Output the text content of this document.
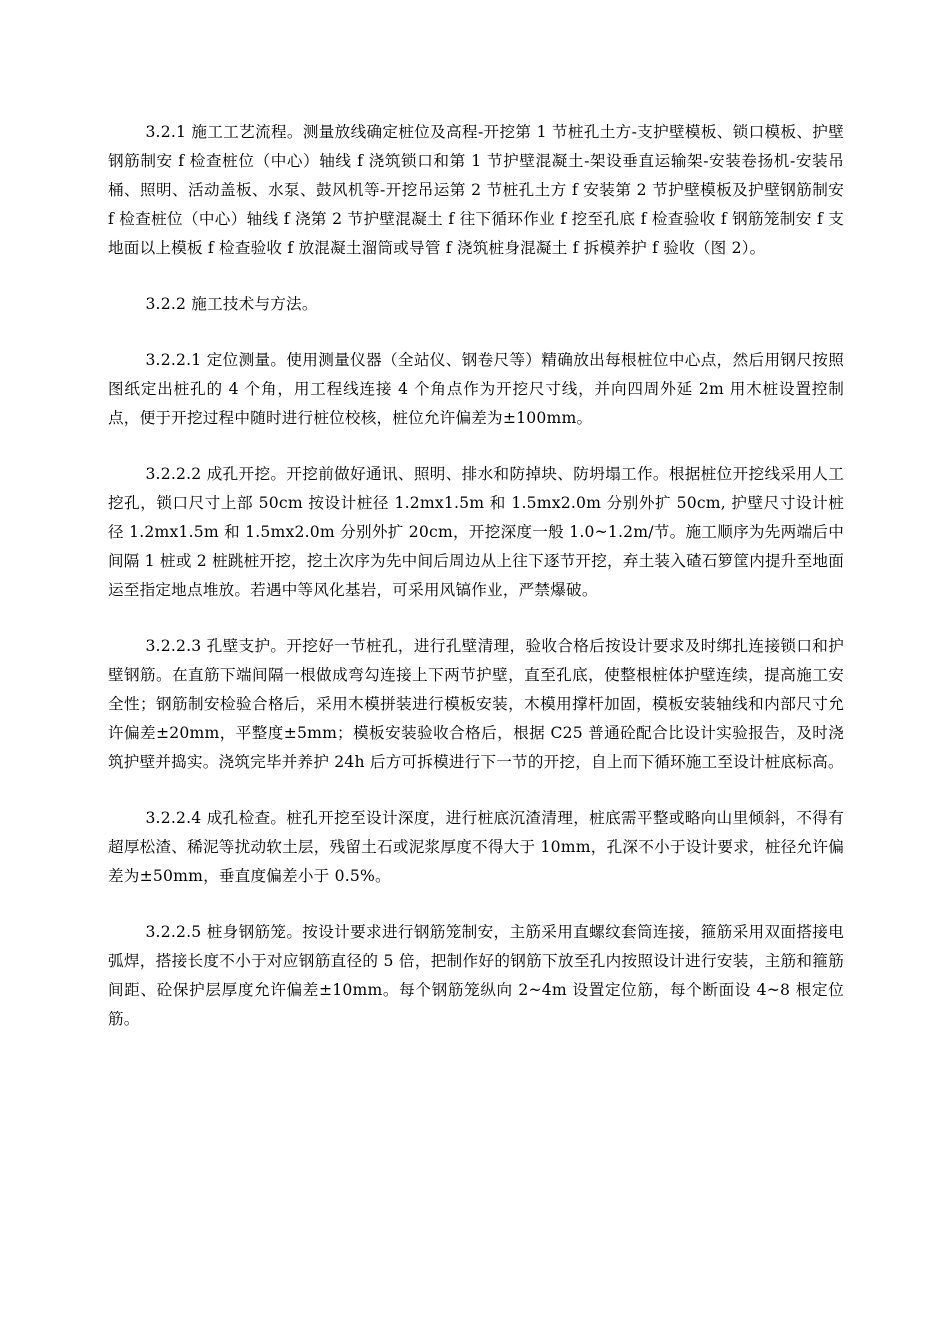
3.2.1 施工工艺流程。测量放线确定桩位及高程-开挖第 1 节桩孔土方-支护壁模板、锁口模板、护壁钢筋制安 f 检查桩位（中心）轴线 f 浇筑锁口和第 1 节护壁混凝土-架设垂直运输架-安装卷扬机-安装吊桶、照明、活动盖板、水泵、鼓风机等-开挖吊运第 2 节桩孔土方 f 安装第 2 节护壁模板及护壁钢筋制安 f 检查桩位（中心）轴线 f 浇第 2 节护壁混凝土 f 往下循环作业 f 挖至孔底 f 检查验收 f 钢筋笼制安 f 支地面以上模板 f 检查验收 f 放混凝土溜筒或导管 f 浇筑桩身混凝土 f 拆模养护 f 验收（图 2）。

3.2.2 施工技术与方法。

3.2.2.1 定位测量。使用测量仪器（全站仪、钢卷尺等）精确放出每根桩位中心点，然后用钢尺按照图纸定出桩孔的 4 个角，用工程线连接 4 个角点作为开挖尺寸线，并向四周外延 2m 用木桩设置控制点，便于开挖过程中随时进行桩位校核，桩位允许偏差为±100mm。

3.2.2.2 成孔开挖。开挖前做好通讯、照明、排水和防掉块、防坍塌工作。根据桩位开挖线采用人工挖孔，锁口尺寸上部 50cm 按设计桩径 1.2mx1.5m 和 1.5mx2.0m 分别外扩 50cm, 护壁尺寸设计桩径 1.2mx1.5m 和 1.5mx2.0m 分别外扩 20cm，开挖深度一般 1.0~1.2m/节。施工顺序为先两端后中间隔 1 桩或 2 桩跳桩开挖，挖土次序为先中间后周边从上往下逐节开挖，弃土装入碴石箩筐内提升至地面运至指定地点堆放。若遇中等风化基岩，可采用风镐作业，严禁爆破。

3.2.2.3 孔壁支护。开挖好一节桩孔，进行孔壁清理，验收合格后按设计要求及时绑扎连接锁口和护壁钢筋。在直筋下端间隔一根做成弯勾连接上下两节护壁，直至孔底，使整根桩体护壁连续，提高施工安全性；钢筋制安检验合格后，采用木模拼装进行模板安装，木模用撑杆加固，模板安装轴线和内部尺寸允许偏差±20mm，平整度±5mm；模板安装验收合格后，根据 C25 普通砼配合比设计实验报告，及时浇筑护壁并捣实。浇筑完毕并养护 24h 后方可拆模进行下一节的开挖，自上而下循环施工至设计桩底标高。

3.2.2.4 成孔检查。桩孔开挖至设计深度，进行桩底沉渣清理，桩底需平整或略向山里倾斜，不得有超厚松渣、稀泥等扰动软土层，残留土石或泥浆厚度不得大于 10mm，孔深不小于设计要求，桩径允许偏差为±50mm，垂直度偏差小于 0.5%。

3.2.2.5 桩身钢筋笼。按设计要求进行钢筋笼制安，主筋采用直螺纹套筒连接，箍筋采用双面搭接电弧焊，搭接长度不小于对应钢筋直径的 5 倍，把制作好的钢筋下放至孔内按照设计进行安装，主筋和箍筋间距、砼保护层厚度允许偏差±10mm。每个钢筋笼纵向 2~4m 设置定位筋，每个断面设 4~8 根定位筋。
